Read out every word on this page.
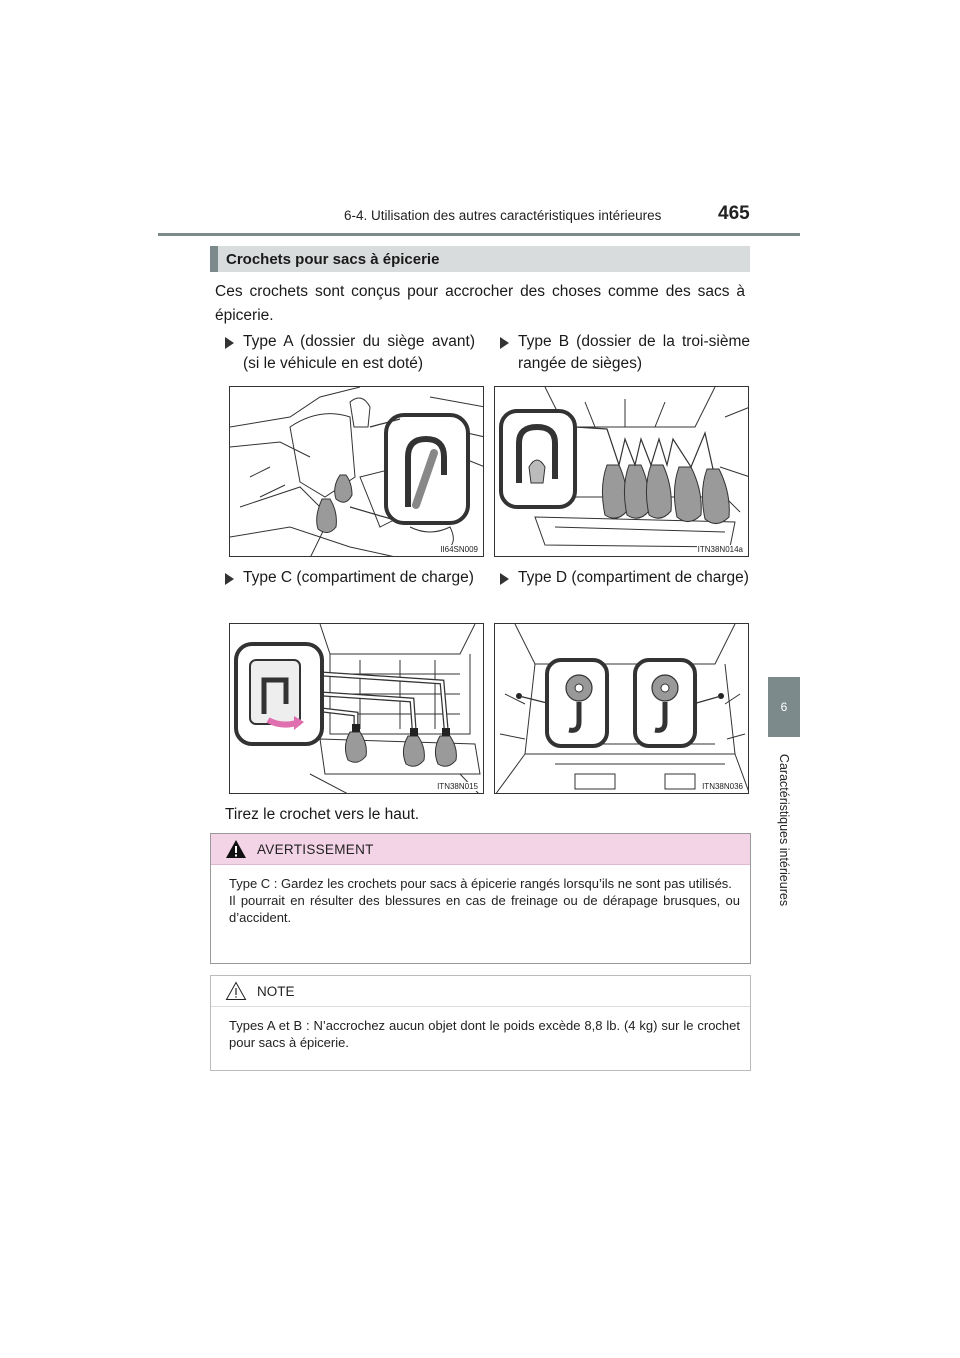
6-4. Utilisation des autres caractéristiques intérieures	465
6
Caractéristiques intérieures
Crochets pour sacs à épicerie
Ces crochets sont conçus pour accrocher des choses comme des sacs à épicerie.
Type A (dossier du siège avant) (si le véhicule en est doté)
Type B (dossier de la troi-sième rangée de sièges)
Type C (compartiment de charge)	Type D (compartiment de charge)
II64SN009	ITN38N014a
ITN38N015	ITN38N036
Tirez le crochet vers le haut.
AVERTISSEMENT

Type C : Gardez les crochets pour sacs à épicerie rangés lorsqu’ils ne sont pas utilisés.

Il pourrait en résulter des blessures en cas de freinage ou de dérapage brusques, ou d’accident.

NOTE

Types A et B : N’accrochez aucun objet dont le poids excède 8,8 lb. (4 kg) sur le crochet pour sacs à épicerie.
